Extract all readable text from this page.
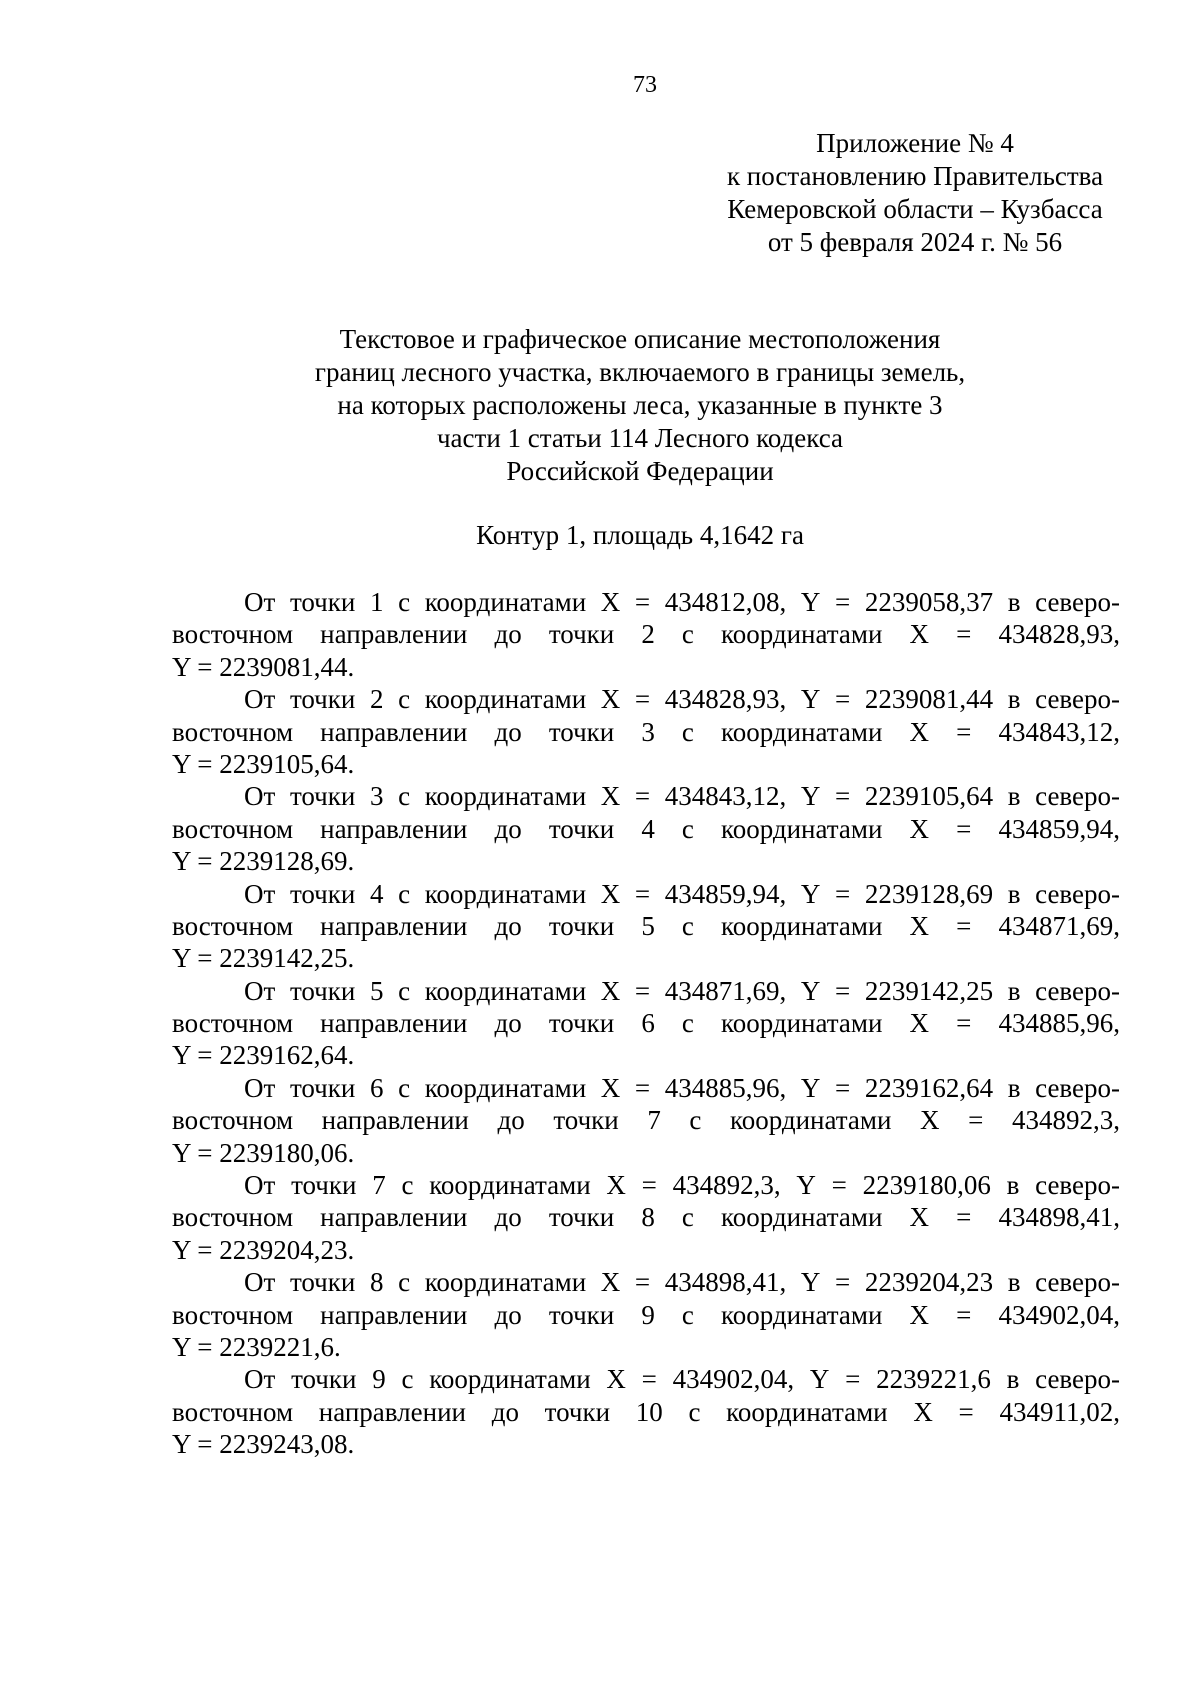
73
Приложение № 4
к постановлению Правительства
Кемеровской области – Кузбасса
от 5 февраля 2024 г. № 56
Текстовое и графическое описание местоположения
границ лесного участка, включаемого в границы земель,
на которых расположены леса, указанные в пункте 3
части 1 статьи 114 Лесного кодекса
Российской Федерации
Контур 1, площадь 4,1642 га
От точки 1 с координатами X = 434812,08, Y = 2239058,37 в северо-
восточном направлении до точки 2 с координатами X = 434828,93,
Y = 2239081,44.
От точки 2 с координатами X = 434828,93, Y = 2239081,44 в северо-
восточном направлении до точки 3 с координатами X = 434843,12,
Y = 2239105,64.
От точки 3 с координатами X = 434843,12, Y = 2239105,64 в северо-
восточном направлении до точки 4 с координатами X = 434859,94,
Y = 2239128,69.
От точки 4 с координатами X = 434859,94, Y = 2239128,69 в северо-
восточном направлении до точки 5 с координатами X = 434871,69,
Y = 2239142,25.
От точки 5 с координатами X = 434871,69, Y = 2239142,25 в северо-
восточном направлении до точки 6 с координатами X = 434885,96,
Y = 2239162,64.
От точки 6 с координатами X = 434885,96, Y = 2239162,64 в северо-
восточном направлении до точки 7 с координатами X = 434892,3,
Y = 2239180,06.
От точки 7 с координатами X = 434892,3, Y = 2239180,06 в северо-
восточном направлении до точки 8 с координатами X = 434898,41,
Y = 2239204,23.
От точки 8 с координатами X = 434898,41, Y = 2239204,23 в северо-
восточном направлении до точки 9 с координатами X = 434902,04,
Y = 2239221,6.
От точки 9 с координатами X = 434902,04, Y = 2239221,6 в северо-
восточном направлении до точки 10 с координатами X = 434911,02,
Y = 2239243,08.
